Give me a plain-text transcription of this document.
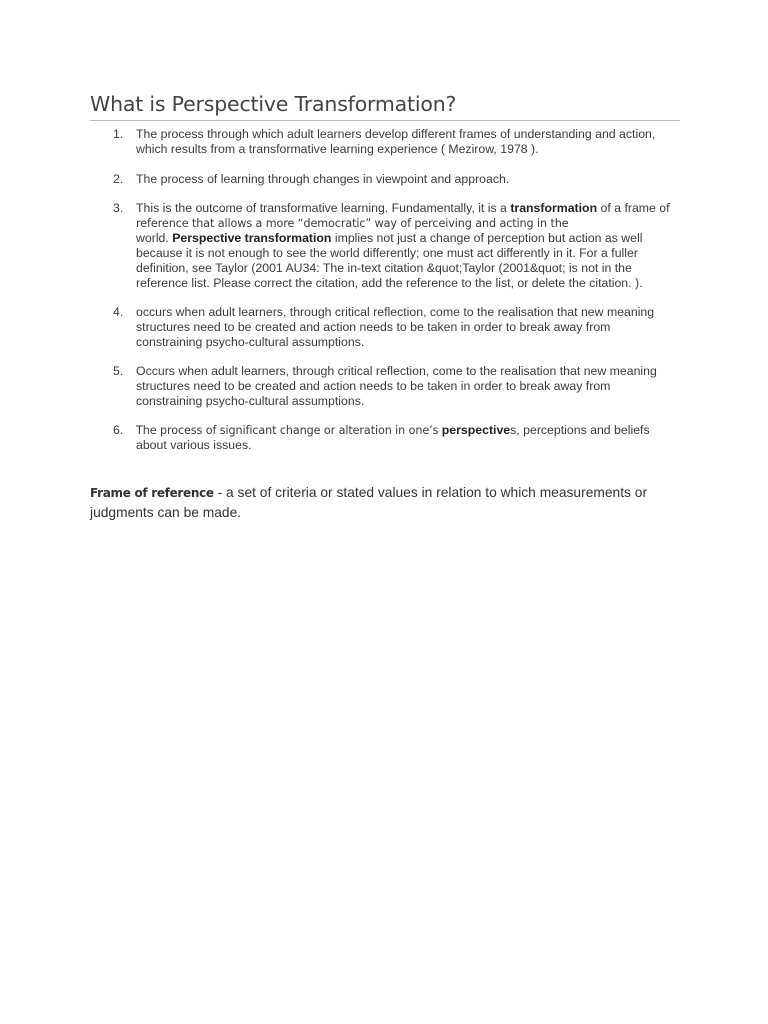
What is Perspective Transformation?
1. The process through which adult learners develop different frames of understanding and action, which results from a transformative learning experience ( Mezirow, 1978 ).
2. The process of learning through changes in viewpoint and approach.
3. This is the outcome of transformative learning. Fundamentally, it is a transformation of a frame of reference that allows a more “democratic” way of perceiving and acting in the
world. Perspective transformation implies not just a change of perception but action as well because it is not enough to see the world differently; one must act differently in it. For a fuller definition, see Taylor (2001 AU34: The in-text citation &quot;Taylor (2001&quot; is not in the reference list. Please correct the citation, add the reference to the list, or delete the citation. ).
4. occurs when adult learners, through critical reflection, come to the realisation that new meaning structures need to be created and action needs to be taken in order to break away from constraining psycho-cultural assumptions.
5. Occurs when adult learners, through critical reflection, come to the realisation that new meaning structures need to be created and action needs to be taken in order to break away from constraining psycho-cultural assumptions.
6. The process of significant change or alteration in one’s perspectives, perceptions and beliefs about various issues.

Frame of reference - a set of criteria or stated values in relation to which measurements or judgments can be made.
